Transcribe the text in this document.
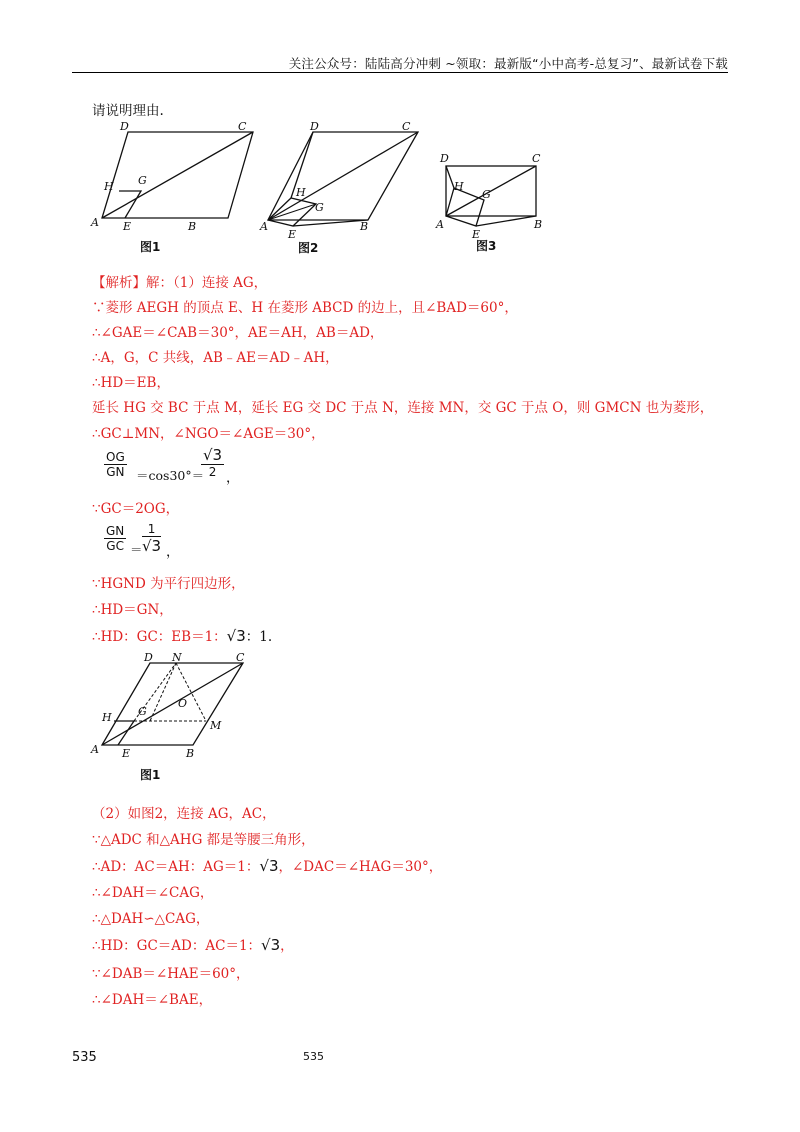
关注公众号：陆陆高分冲刺 ~领取：最新版“小中高考-总复习”、最新试卷下载
请说明理由.
D	C
H G
A E	B
图1
D	C
H
G
A
E
B
图2
D	C
H
G
A
E
B
图3
【解析】解：（1）连接 AG，
∵菱形 AEGH 的顶点 E、H 在菱形 ABCD 的边上，且∠BAD＝60°，
∴∠GAE＝∠CAB＝30°，AE＝AH，AB＝AD，
∴A，G，C 共线，AB﹣AE＝AD﹣AH，
∴HD＝EB，
延长 HG 交 BC 于点 M，延长 EG 交 DC 于点 N，连接 MN，交 GC 于点 O，则 GMCN 也为菱形，
∴GC⊥MN，∠NGO＝∠AGE＝30°，
$\frac{OG}{GN} =\cos 30^\circ=$
√3
2 ，
∵GC＝2OG，
$\frac{GN}{GC}$ ＝
1
√3 ，
∵HGND 为平行四边形，
∴HD＝GN，
∴HD：GC：EB＝1：√3：1.
D N	C
H G
O
M
A E	B
图1
（2）如图2，连接 AG，AC，
∵△ADC 和△AHG 都是等腰三角形，
∴AD：AC＝AH：AG＝1：√3，∠DAC＝∠HAG＝30°，
∴∠DAH＝∠CAG，
∴△DAH∽△CAG，
∴HD：GC＝AD：AC＝1：√3，
∵∠DAB＝∠HAE＝60°，
∴∠DAH＝∠BAE，
535	535
